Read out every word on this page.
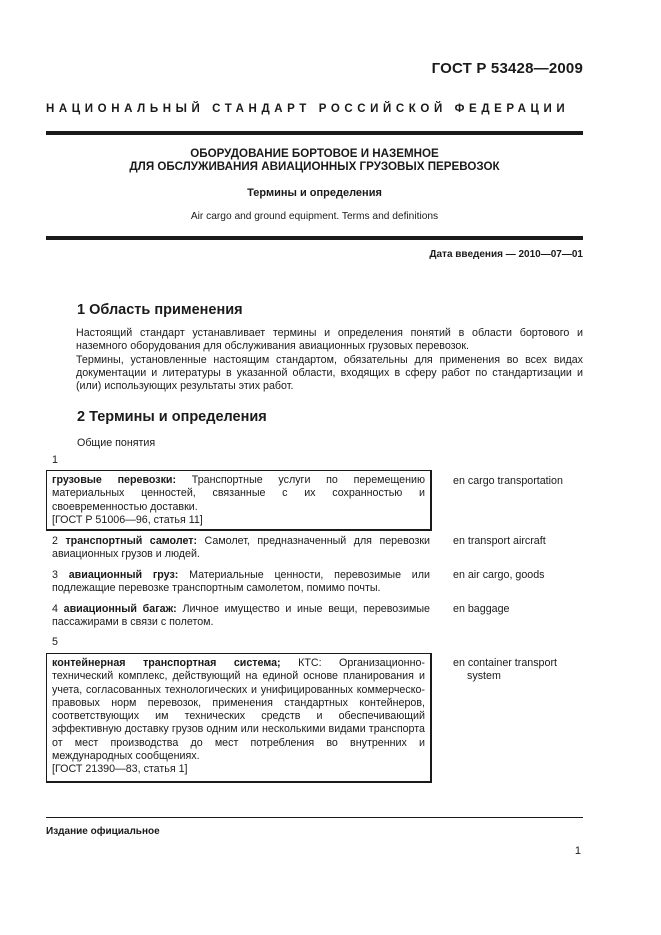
ГОСТ Р 53428—2009
НАЦИОНАЛЬНЫЙ СТАНДАРТ РОССИЙСКОЙ ФЕДЕРАЦИИ
ОБОРУДОВАНИЕ БОРТОВОЕ И НАЗЕМНОЕ
ДЛЯ ОБСЛУЖИВАНИЯ АВИАЦИОННЫХ ГРУЗОВЫХ ПЕРЕВОЗОК
Термины и определения
Air cargo and ground equipment. Terms and definitions
Дата введения — 2010—07—01
1 Область применения
Настоящий стандарт устанавливает термины и определения понятий в области бортового и наземного оборудования для обслуживания авиационных грузовых перевозок.
Термины, установленные настоящим стандартом, обязательны для применения во всех видах документации и литературы в указанной области, входящих в сферу работ по стандартизации и (или) использующих результаты этих работ.
2 Термины и определения
Общие понятия
1
грузовые перевозки: Транспортные услуги по перемещению материальных ценностей, связанные с их сохранностью и своевременностью доставки.
[ГОСТ Р 51006—96, статья 11]
en cargo transportation
2 транспортный самолет: Самолет, предназначенный для перевозки авиационных грузов и людей.
en transport aircraft
3 авиационный груз: Материальные ценности, перевозимые или подлежащие перевозке транспортным самолетом, помимо почты.
en air cargo, goods
4 авиационный багаж: Личное имущество и иные вещи, перевозимые пассажирами в связи с полетом.
en baggage
5
контейнерная транспортная система; КТС: Организационно-технический комплекс, действующий на единой основе планирования и учета, согласованных технологических и унифицированных коммерческо-правовых норм перевозок, применения стандартных контейнеров, соответствующих им технических средств и обеспечивающий эффективную доставку грузов одним или несколькими видами транспорта от мест производства до мест потребления во внутренних и международных сообщениях.
[ГОСТ 21390—83, статья 1]
en container transport
system
Издание официальное
1
